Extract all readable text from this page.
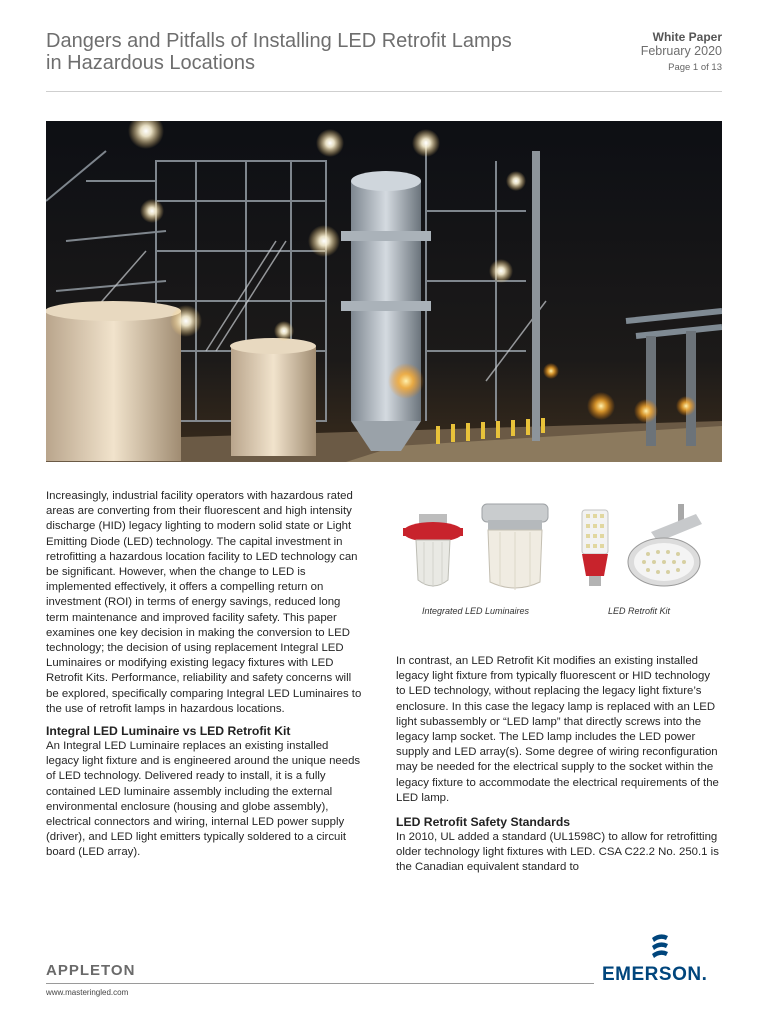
Dangers and Pitfalls of Installing LED Retrofit Lamps
in Hazardous Locations
White Paper
February 2020
Page 1 of 13

Increasingly, industrial facility operators with hazardous rated areas are converting from their fluorescent and high intensity discharge (HID) legacy lighting to modern solid state or Light Emitting Diode (LED) technology. The capital investment in retrofitting a hazardous location facility to LED technology can be significant. However, when the change to LED is implemented effectively, it offers a compelling return on investment (ROI) in terms of energy savings, reduced long term maintenance and improved facility safety. This paper examines one key decision in making the conversion to LED technology; the decision of using replacement Integral LED Luminaires or modifying existing legacy fixtures with LED Retrofit Kits. Performance, reliability and safety concerns will be explored, specifically comparing Integral LED Luminaires to the use of retrofit lamps in hazardous locations.

Integral LED Luminaire vs LED Retrofit Kit

An Integral LED Luminaire replaces an existing installed legacy light fixture and is engineered around the unique needs of LED technology. Delivered ready to install, it is a fully contained LED luminaire assembly including the external environmental enclosure (housing and globe assembly), electrical connectors and wiring, internal LED power supply (driver), and LED light emitters typically soldered to a circuit board (LED array).

Integrated LED Luminaires	LED Retrofit Kit

In contrast, an LED Retrofit Kit modifies an existing installed legacy light fixture from typically fluorescent or HID technology to LED technology, without replacing the legacy light fixture’s enclosure. In this case the legacy lamp is replaced with an LED light subassembly or “LED lamp” that directly screws into the legacy lamp socket. The LED lamp includes the LED power supply and LED array(s). Some degree of wiring reconfiguration may be needed for the electrical supply to the socket within the legacy fixture to accommodate the electrical requirements of the LED lamp.

LED Retrofit Safety Standards

In 2010, UL added a standard (UL1598C) to allow for retrofitting older technology light fixtures with LED. CSA C22.2 No. 250.1 is the Canadian equivalent standard to

APPLETON
www.masteringled.com
EMERSON.
